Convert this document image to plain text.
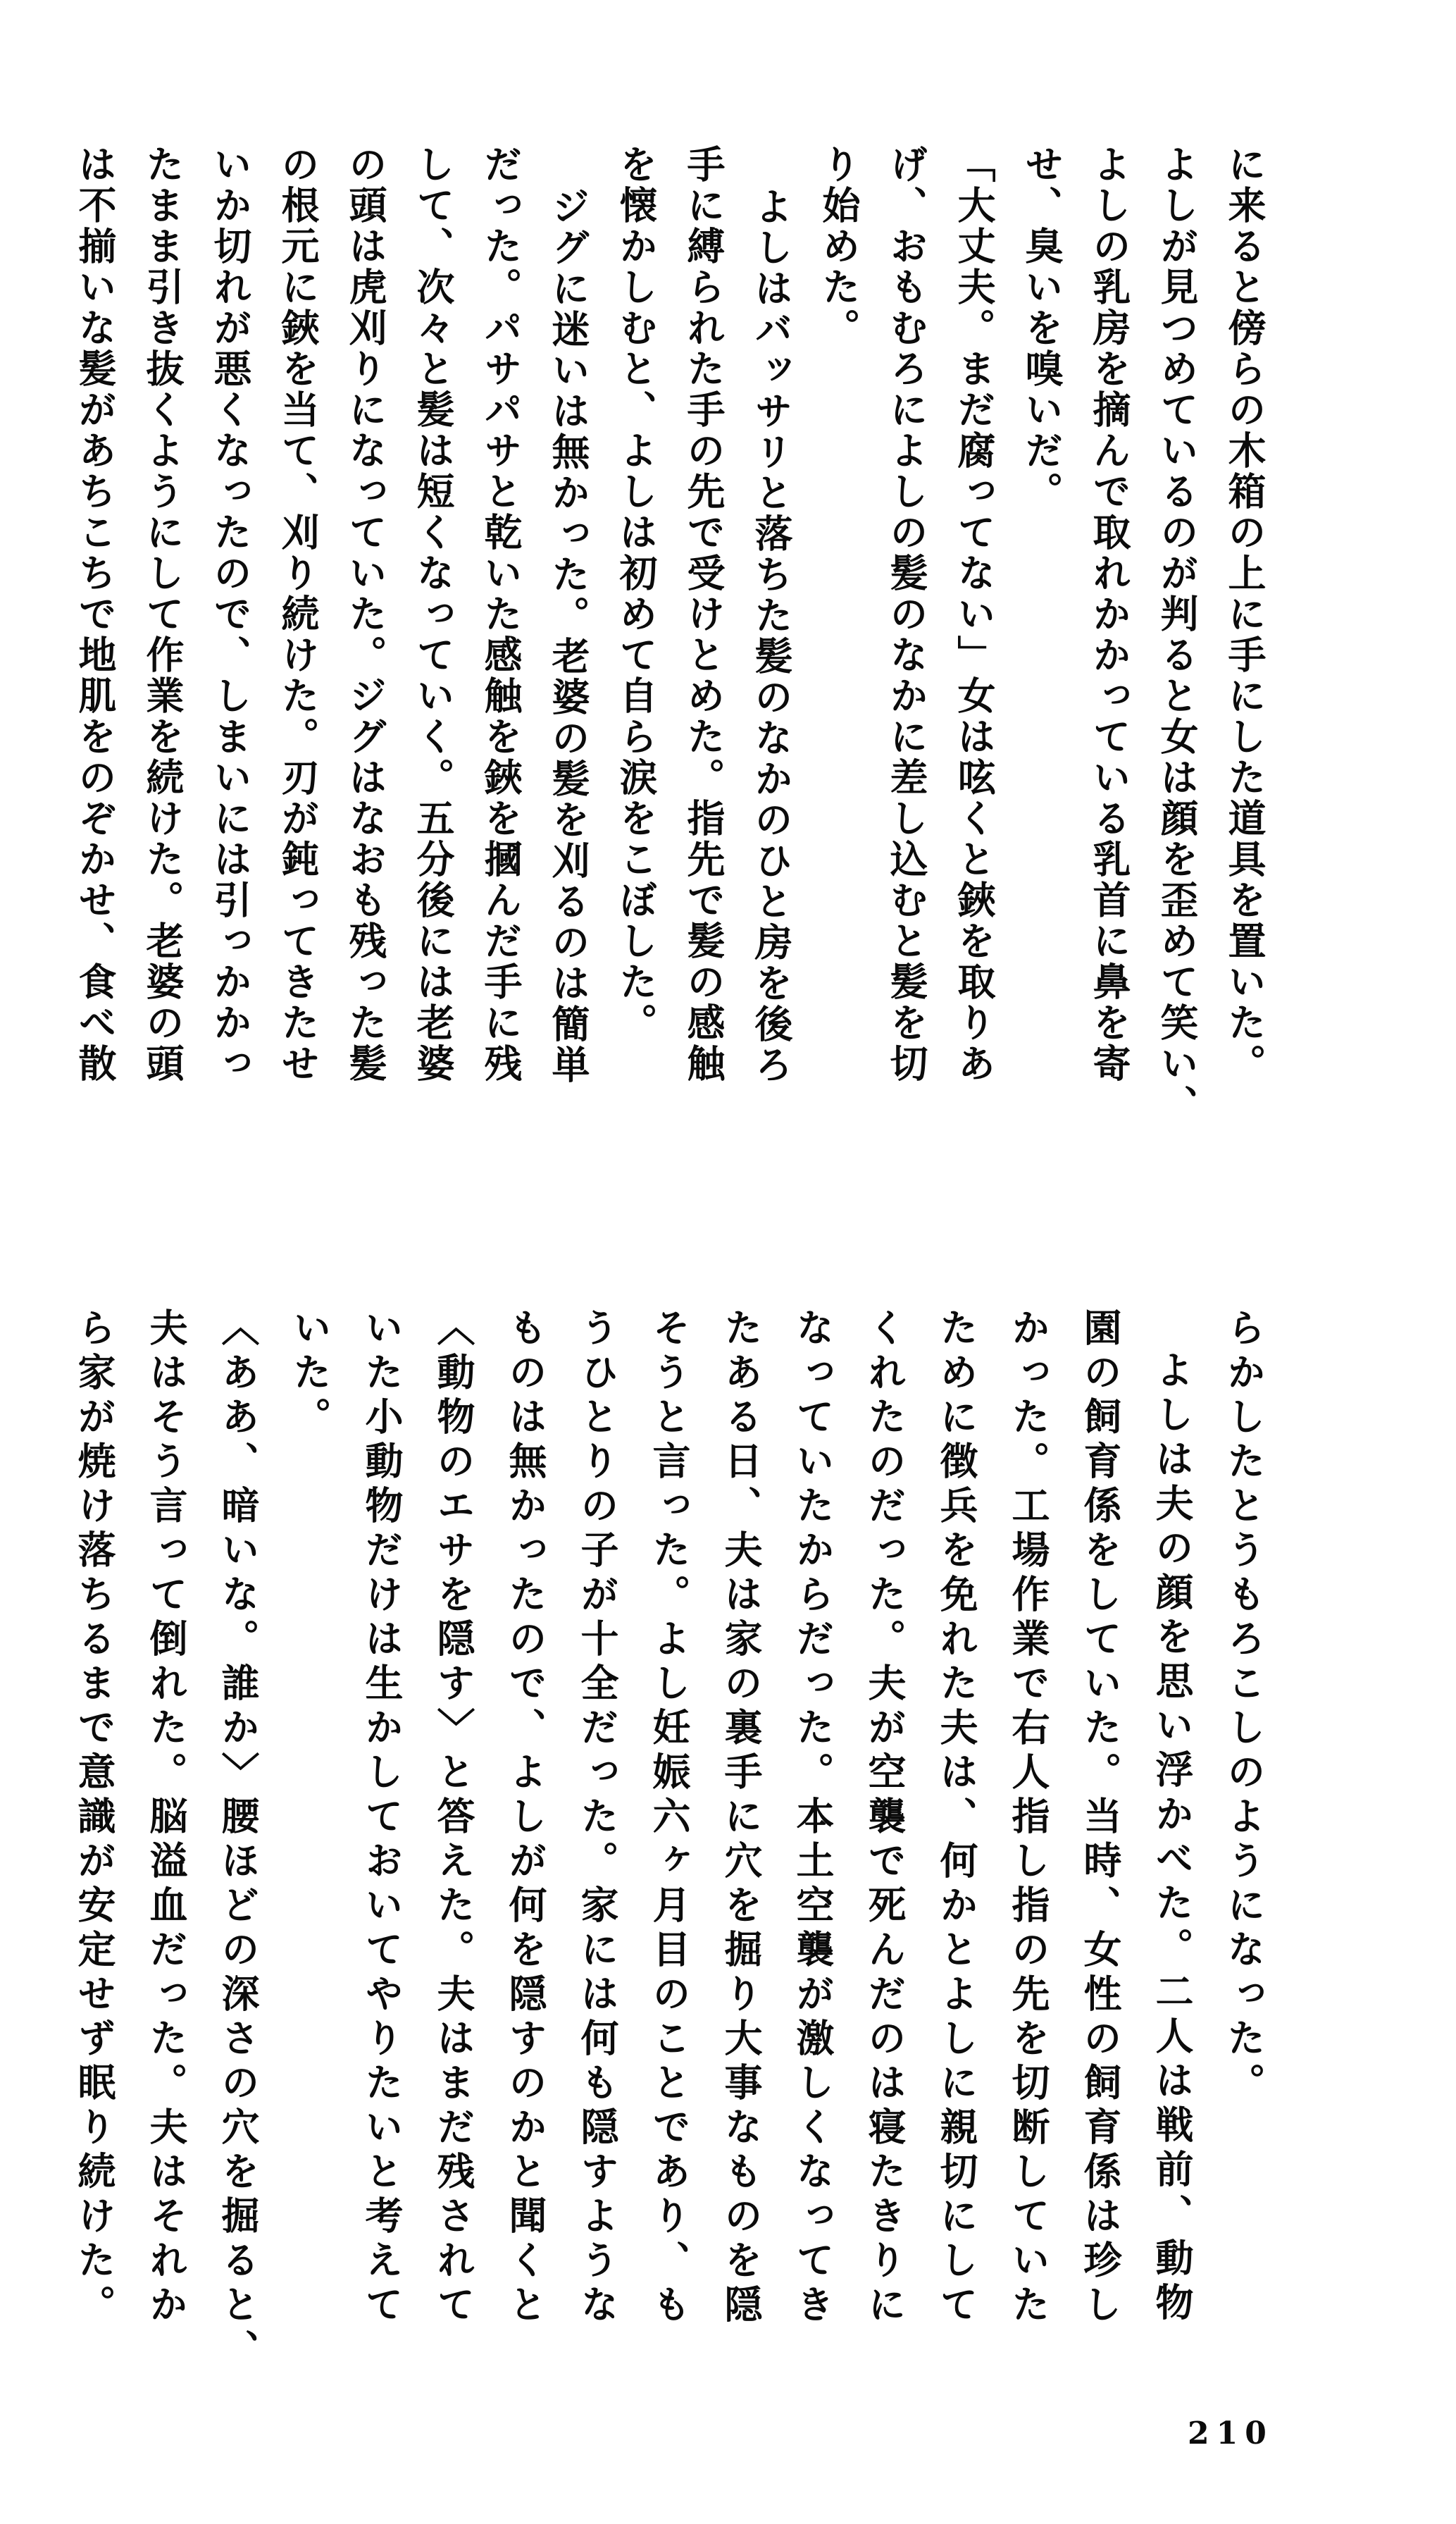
に来ると傍らの木箱の上に手にした道具を置いた。
よしが見つめているのが判ると女は顔を歪めて笑い、
よしの乳房を摘んで取れかかっている乳首に鼻を寄
せ、臭いを嗅いだ。
「大丈夫。まだ腐ってない」女は呟くと鋏を取りあ
げ、おもむろによしの髪のなかに差し込むと髪を切
り始めた。
よしはバッサリと落ちた髪のなかのひと房を後ろ
手に縛られた手の先で受けとめた。指先で髪の感触
を懐かしむと、よしは初めて自ら涙をこぼした。
ジグに迷いは無かった。老婆の髪を刈るのは簡単
だった。パサパサと乾いた感触を鋏を摑んだ手に残
して、次々と髪は短くなっていく。五分後には老婆
の頭は虎刈りになっていた。ジグはなおも残った髪
の根元に鋏を当て、刈り続けた。刃が鈍ってきたせ
いか切れが悪くなったので、しまいには引っかかっ
たまま引き抜くようにして作業を続けた。老婆の頭
は不揃いな髪があちこちで地肌をのぞかせ、食べ散
らかしたとうもろこしのようになった。
よしは夫の顔を思い浮かべた。二人は戦前、動物
園の飼育係をしていた。当時、女性の飼育係は珍し
かった。工場作業で右人指し指の先を切断していた
ために徴兵を免れた夫は、何かとよしに親切にして
くれたのだった。夫が空襲で死んだのは寝たきりに
なっていたからだった。本土空襲が激しくなってき
たある日、夫は家の裏手に穴を掘り大事なものを隠
そうと言った。よし妊娠六ヶ月目のことであり、も
うひとりの子が十全だった。家には何も隠すような
ものは無かったので、よしが何を隠すのかと聞くと
〈動物のエサを隠す〉と答えた。夫はまだ残されて
いた小動物だけは生かしておいてやりたいと考えて
いた。
〈ああ、暗いな。誰か〉腰ほどの深さの穴を掘ると、
夫はそう言って倒れた。脳溢血だった。夫はそれか
ら家が焼け落ちるまで意識が安定せず眠り続けた。
210
